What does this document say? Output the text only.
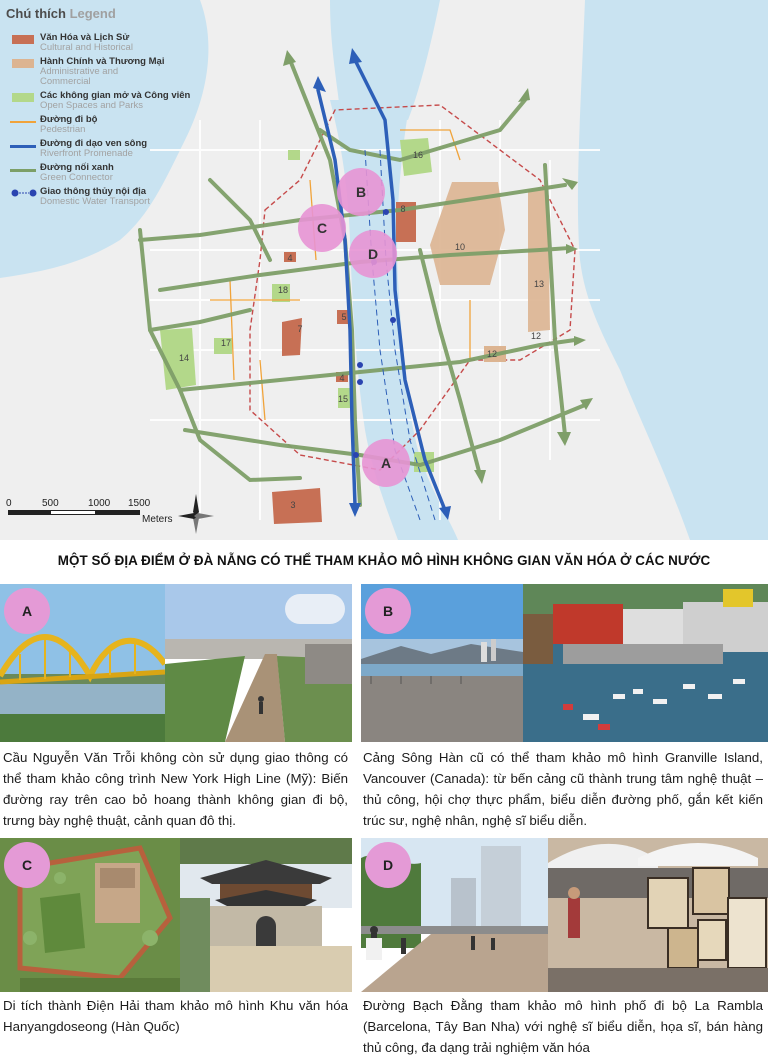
B
C
D
A
3
4
4
5
7
8
10
12
12
13
14
15
16
17
18
Chú thích Legend
Văn Hóa và Lịch Sử
Cultural and Historical
Hành Chính và Thương Mại
Administrative and Commercial
Các không gian mở và Công viên
Open Spaces and Parks
Đường đi bộ
Pedestrian
Đường đi dạo ven sông
Riverfront Promenade
Đường nối xanh
Green Connector
Giao thông thủy nội địa
Domestic Water Transport
0	500	1000 1500
Meters
MỘT SỐ ĐỊA ĐIỂM Ở ĐÀ NẴNG CÓ THỂ THAM KHẢO MÔ HÌNH KHÔNG GIAN VĂN HÓA Ở CÁC NƯỚC
A
Cầu Nguyễn Văn Trỗi không còn sử dụng giao thông có thể tham khảo công trình New York High Line (Mỹ): Biến đường ray trên cao bỏ hoang thành không gian đi bộ, trưng bày nghệ thuật, cảnh quan đô thị.
B
Cảng Sông Hàn cũ có thể tham khảo mô hình Granville Island, Vancouver (Canada): từ bến cảng cũ thành trung tâm nghệ thuật – thủ công, hội chợ thực phẩm, biểu diễn đường phố, gắn kết kiến trúc sư, nghệ nhân, nghệ sĩ biểu diễn.
C
Di tích thành Điện Hải tham khảo mô hình Khu văn hóa Hanyangdoseong (Hàn Quốc)
D
Đường Bạch Đằng tham khảo mô hình phố đi bộ La Rambla (Barcelona, Tây Ban Nha) với nghệ sĩ biểu diễn, họa sĩ, bán hàng thủ công, đa dạng trải nghiệm văn hóa
